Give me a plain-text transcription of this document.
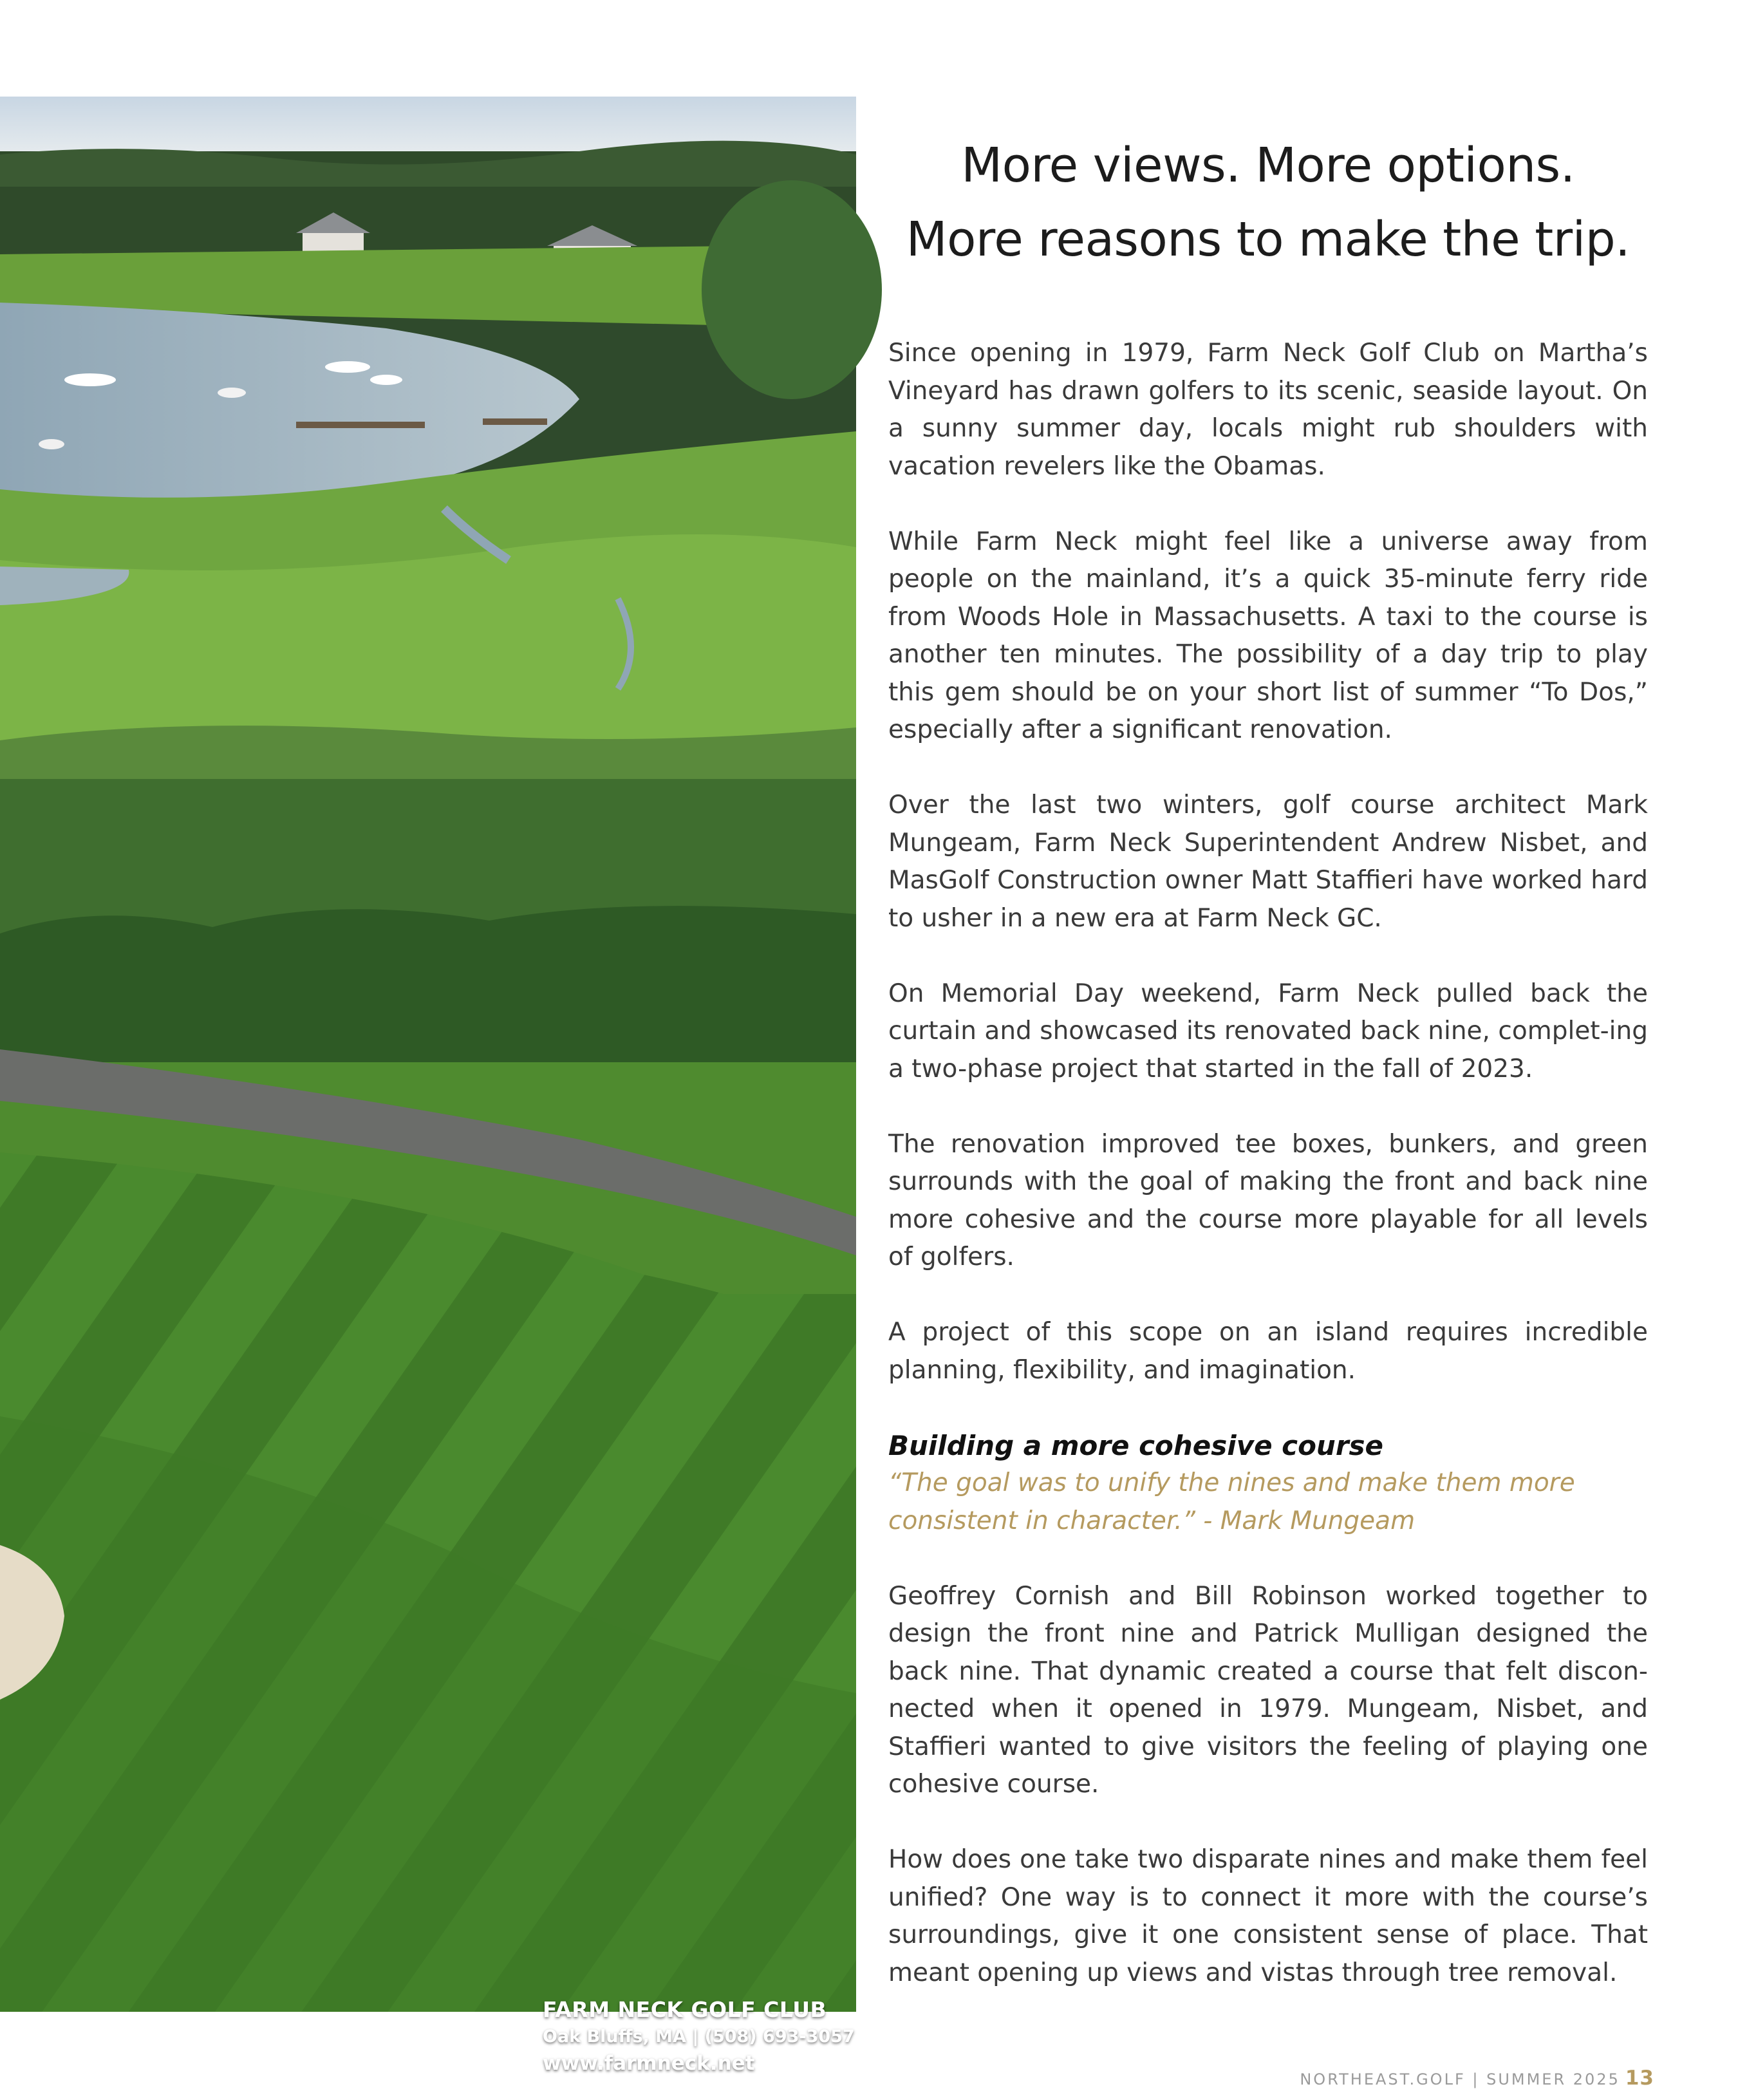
FARM NECK GOLF CLUB
Oak Bluffs, MA | (508) 693-3057
www.farmneck.net
More views. More options.
More reasons to make the trip.

Since opening in 1979, Farm Neck Golf Club on Martha’s Vineyard has drawn golfers to its scenic, seaside layout. On a sunny summer day, locals might rub shoulders with vacation revelers like the Obamas.

While Farm Neck might feel like a universe away from people on the mainland, it’s a quick 35-minute ferry ride from Woods Hole in Massachusetts. A taxi to the course is another ten minutes. The possibility of a day trip to play this gem should be on your short list of summer “To Dos,” especially after a significant renovation.

Over the last two winters, golf course architect Mark Mungeam, Farm Neck Superintendent Andrew Nisbet, and MasGolf Construction owner Matt Staffieri have worked hard to usher in a new era at Farm Neck GC.

On Memorial Day weekend, Farm Neck pulled back the curtain and showcased its renovated back nine, complet-ing a two-phase project that started in the fall of 2023.

The renovation improved tee boxes, bunkers, and green surrounds with the goal of making the front and back nine more cohesive and the course more playable for all levels of golfers.

A project of this scope on an island requires incredible planning, flexibility, and imagination.

Building a more cohesive course

“The goal was to unify the nines and make them more consistent in character.” - Mark Mungeam

Geoffrey Cornish and Bill Robinson worked together to design the front nine and Patrick Mulligan designed the back nine. That dynamic created a course that felt discon-nected when it opened in 1979. Mungeam, Nisbet, and Staffieri wanted to give visitors the feeling of playing one cohesive course.

How does one take two disparate nines and make them feel unified? One way is to connect it more with the course’s surroundings, give it one consistent sense of place. That meant opening up views and vistas through tree removal.

NORTHEAST.GOLF | SUMMER 2025 13
